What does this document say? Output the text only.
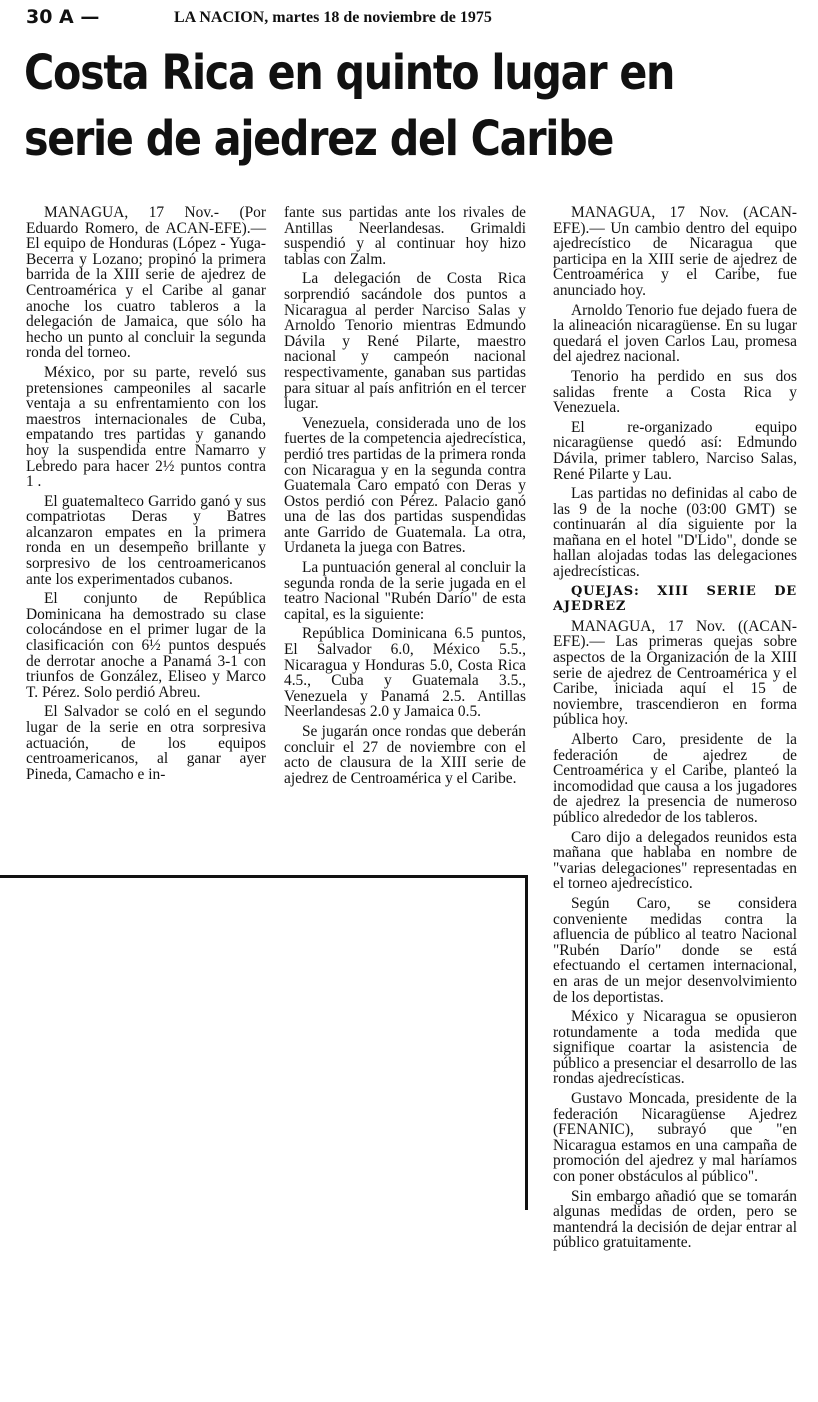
30 A —	LA NACION, martes 18 de noviembre de 1975
Costa Rica en quinto lugar en serie de ajedrez del Caribe

MANAGUA, 17 Nov.- (Por Eduardo Romero, de ACAN-EFE).— El equipo de Honduras (López - Yuga-Becerra y Lozano; propinó la primera barrida de la XIII serie de ajedrez de Centroamérica y el Caribe al ganar anoche los cuatro tableros a la delegación de Jamaica, que sólo ha hecho un punto al concluir la segunda ronda del torneo.

México, por su parte, reveló sus pretensiones campeoniles al sacarle ventaja a su enfrentamiento con los maestros internacionales de Cuba, empatando tres partidas y ganando hoy la suspendida entre Namarro y Lebredo para hacer 2½ puntos contra 1 .

El guatemalteco Garrido ganó y sus compatriotas Deras y Batres alcanzaron empates en la primera ronda en un desempeño brillante y sorpresivo de los centroamericanos ante los experimentados cubanos.

El conjunto de República Dominicana ha demostrado su clase colocándose en el primer lugar de la clasificación con 6½ puntos después de derrotar anoche a Panamá 3-1 con triunfos de González, Eliseo y Marco T. Pérez. Solo perdió Abreu.

El Salvador se coló en el segundo lugar de la serie en otra sorpresiva actuación, de los equipos centroamericanos, al ganar ayer Pineda, Camacho e in-

fante sus partidas ante los rivales de Antillas Neerlandesas. Grimaldi suspendió y al continuar hoy hizo tablas con Zalm.

La delegación de Costa Rica sorprendió sacándole dos puntos a Nicaragua al perder Narciso Salas y Arnoldo Tenorio mientras Edmundo Dávila y René Pilarte, maestro nacional y campeón nacional respectivamente, ganaban sus partidas para situar al país anfitrión en el tercer lugar.

Venezuela, considerada uno de los fuertes de la competencia ajedrecística, perdió tres partidas de la primera ronda con Nicaragua y en la segunda contra Guatemala Caro empató con Deras y Ostos perdió con Pérez. Palacio ganó una de las dos partidas suspendidas ante Garrido de Guatemala. La otra, Urdaneta la juega con Batres.

La puntuación general al concluir la segunda ronda de la serie jugada en el teatro Nacional "Rubén Darío" de esta capital, es la siguiente:

República Dominicana 6.5 puntos, El Salvador 6.0, México 5.5., Nicaragua y Honduras 5.0, Costa Rica 4.5., Cuba y Guatemala 3.5., Venezuela y Panamá 2.5. Antillas Neerlandesas 2.0 y Jamaica 0.5.

Se jugarán once rondas que deberán concluir el 27 de noviembre con el acto de clausura de la XIII serie de ajedrez de Centroamérica y el Caribe.

MANAGUA, 17 Nov. (ACAN-EFE).— Un cambio dentro del equipo ajedrecístico de Nicaragua que participa en la XIII serie de ajedrez de Centroamérica y el Caribe, fue anunciado hoy.

Arnoldo Tenorio fue dejado fuera de la alineación nicaragüense. En su lugar quedará el joven Carlos Lau, promesa del ajedrez nacional.

Tenorio ha perdido en sus dos salidas frente a Costa Rica y Venezuela.

El re-organizado equipo nicaragüense quedó así: Edmundo Dávila, primer tablero, Narciso Salas, René Pilarte y Lau.

Las partidas no definidas al cabo de las 9 de la noche (03:00 GMT) se continuarán al día siguiente por la mañana en el hotel "D'Lido", donde se hallan alojadas todas las delegaciones ajedrecísticas.

QUEJAS: XIII SERIE DE AJEDREZ

MANAGUA, 17 Nov. ((ACAN-EFE).— Las primeras quejas sobre aspectos de la Organización de la XIII serie de ajedrez de Centroamérica y el Caribe, iniciada aquí el 15 de noviembre, trascendieron en forma pública hoy.

Alberto Caro, presidente de la federación de ajedrez de Centroamérica y el Caribe, planteó la incomodidad que causa a los jugadores de ajedrez la presencia de numeroso público alrededor de los tableros.

Caro dijo a delegados reunidos esta mañana que hablaba en nombre de "varias delegaciones" representadas en el torneo ajedrecístico.

Según Caro, se considera conveniente medidas contra la afluencia de público al teatro Nacional "Rubén Darío" donde se está efectuando el certamen internacional, en aras de un mejor desenvolvimiento de los deportistas.

México y Nicaragua se opusieron rotundamente a toda medida que signifique coartar la asistencia de público a presenciar el desarrollo de las rondas ajedrecísticas.

Gustavo Moncada, presidente de la federación Nicaragüense Ajedrez (FENANIC), subrayó que "en Nicaragua estamos en una campaña de promoción del ajedrez y mal haríamos con poner obstáculos al público".

Sin embargo añadió que se tomarán algunas medidas de orden, pero se mantendrá la decisión de dejar entrar al público gratuitamente.
